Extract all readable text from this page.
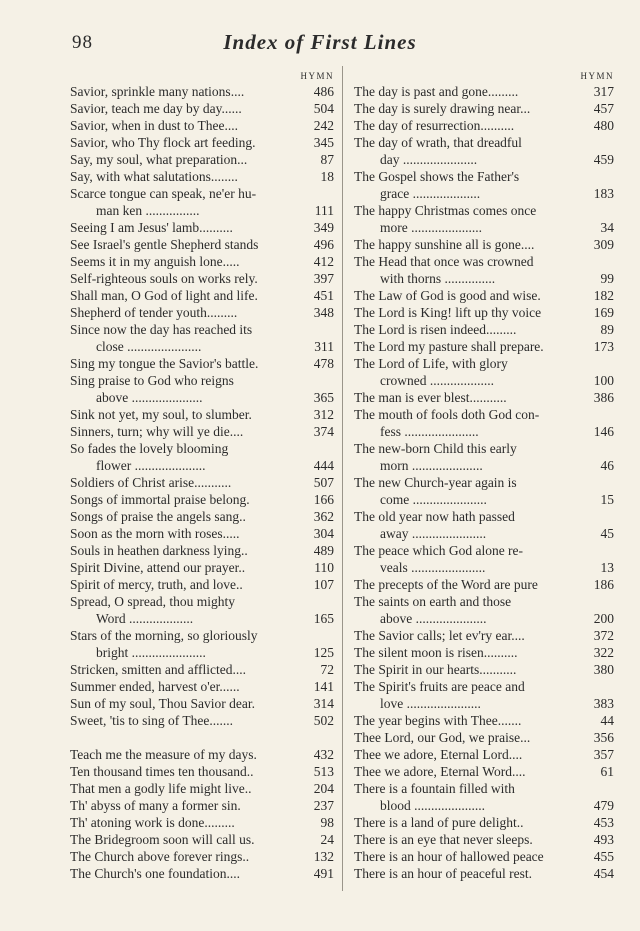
98	Index of First Lines
HYMN
Savior, sprinkle many nations....	486
Savior, teach me day by day......	504
Savior, when in dust to Thee....	242
Savior, who Thy flock art feeding.	345
Say, my soul, what preparation...	87
Say, with what salutations........	18
Scarce tongue can speak, ne'er hu-
man ken ................	111
Seeing I am Jesus' lamb..........	349
See Israel's gentle Shepherd stands	496
Seems it in my anguish lone.....	412
Self-righteous souls on works rely.	397
Shall man, O God of light and life.	451
Shepherd of tender youth.........	348
Since now the day has reached its
close ......................	311
Sing my tongue the Savior's battle.	478
Sing praise to God who reigns
above .....................	365
Sink not yet, my soul, to slumber.	312
Sinners, turn; why will ye die....	374
So fades the lovely blooming
flower .....................	444
Soldiers of Christ arise...........	507
Songs of immortal praise belong.	166
Songs of praise the angels sang..	362
Soon as the morn with roses.....	304
Souls in heathen darkness lying..	489
Spirit Divine, attend our prayer..	110
Spirit of mercy, truth, and love..	107
Spread, O spread, thou mighty
Word ...................	165
Stars of the morning, so gloriously
bright ......................	125
Stricken, smitten and afflicted....	72
Summer ended, harvest o'er......	141
Sun of my soul, Thou Savior dear.	314
Sweet, 'tis to sing of Thee.......	502
Teach me the measure of my days.	432
Ten thousand times ten thousand..	513
That men a godly life might live..	204
Th' abyss of many a former sin.	237
Th' atoning work is done.........	98
The Bridegroom soon will call us.	24
The Church above forever rings..	132
The Church's one foundation....	491
HYMN
The day is past and gone.........	317
The day is surely drawing near...	457
The day of resurrection..........	480
The day of wrath, that dreadful
day ......................	459
The Gospel shows the Father's
grace ....................	183
The happy Christmas comes once
more .....................	34
The happy sunshine all is gone....	309
The Head that once was crowned
with thorns ...............	99
The Law of God is good and wise.	182
The Lord is King! lift up thy voice	169
The Lord is risen indeed.........	89
The Lord my pasture shall prepare.	173
The Lord of Life, with glory
crowned ...................	100
The man is ever blest...........	386
The mouth of fools doth God con-
fess ......................	146
The new-born Child this early
morn .....................	46
The new Church-year again is
come ......................	15
The old year now hath passed
away ......................	45
The peace which God alone re-
veals ......................	13
The precepts of the Word are pure	186
The saints on earth and those
above .....................	200
The Savior calls; let ev'ry ear....	372
The silent moon is risen..........	322
The Spirit in our hearts...........	380
The Spirit's fruits are peace and
love ......................	383
The year begins with Thee.......	44
Thee Lord, our God, we praise...	356
Thee we adore, Eternal Lord....	357
Thee we adore, Eternal Word....	61
There is a fountain filled with
blood .....................	479
There is a land of pure delight..	453
There is an eye that never sleeps.	493
There is an hour of hallowed peace	455
There is an hour of peaceful rest.	454
